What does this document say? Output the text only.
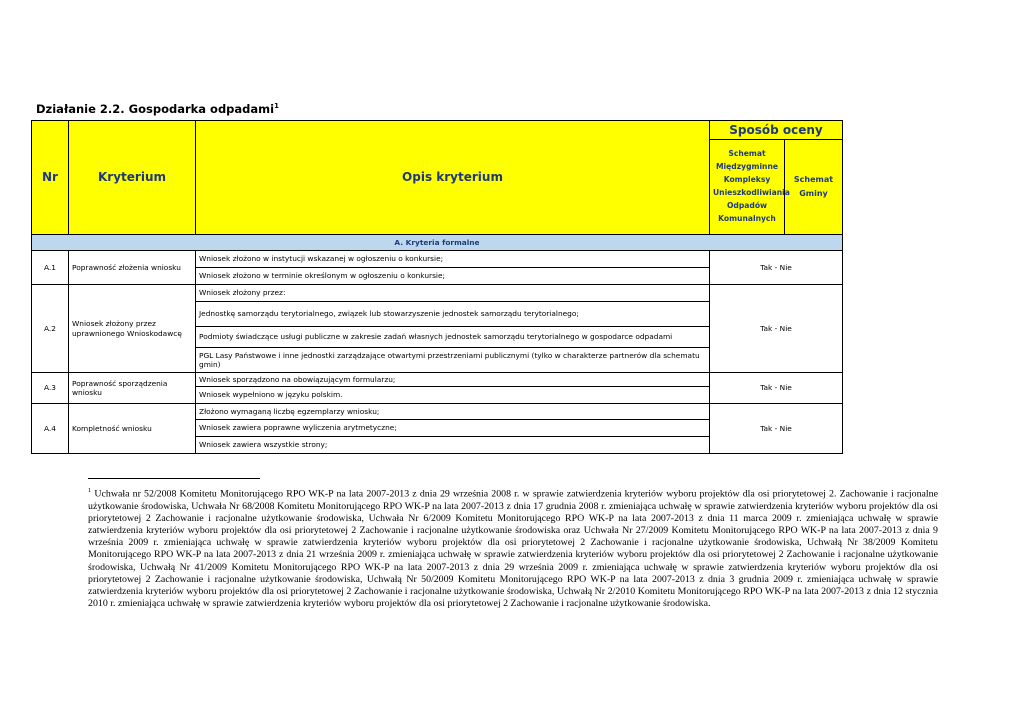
Działanie 2.2. Gospodarka odpadami$^1$
Nr	Kryterium	Opis kryterium	Sposób oceny	
			Schemat Międzygminne Kompleksy Unieszkodliwiania Odpadów Komunalnych	Schemat Gminy
A. Kryteria formalne				
A.1	Poprawność złożenia wniosku	Wniosek złożono w instytucji wskazanej w ogłoszeniu o konkursie;	Tak - Nie	
		Wniosek złożono w terminie określonym w ogłoszeniu o konkursie;		
A.2	Wniosek złożony przez uprawnionego Wnioskodawcę	Wniosek złożony przez:	Tak - Nie	
		Jednostkę samorządu terytorialnego, związek lub stowarzyszenie jednostek samorządu terytorialnego;		
		Podmioty świadczące usługi publiczne w zakresie zadań własnych jednostek samorządu terytorialnego w gospodarce odpadami		
		PGL Lasy Państwowe i inne jednostki zarządzające otwartymi przestrzeniami publicznymi (tylko w charakterze partnerów dla schematu gmin)		
A.3	Poprawność sporządzenia wniosku	Wniosek sporządzono na obowiązującym formularzu;	Tak - Nie	
		Wniosek wypełniono w języku polskim.		
A.4	Kompletność wniosku	Złożono wymaganą liczbę egzemplarzy wniosku;	Tak - Nie	
		Wniosek zawiera poprawne wyliczenia arytmetyczne;		
		Wniosek zawiera wszystkie strony;		
$^1$ Uchwała nr 52/2008 Komitetu Monitorującego RPO WK-P na lata 2007-2013 z dnia 29 września 2008 r. w sprawie zatwierdzenia kryteriów wyboru projektów dla osi priorytetowej 2. Zachowanie i racjonalne użytkowanie środowiska, Uchwała Nr 68/2008 Komitetu Monitorującego RPO WK-P na lata 2007-2013 z dnia 17 grudnia 2008 r. zmieniająca uchwałę w sprawie zatwierdzenia kryteriów wyboru projektów dla osi priorytetowej 2 Zachowanie i racjonalne użytkowanie środowiska, Uchwała Nr 6/2009 Komitetu Monitorującego RPO WK-P na lata 2007-2013 z dnia 11 marca 2009 r. zmieniająca uchwałę w sprawie zatwierdzenia kryteriów wyboru projektów dla osi priorytetowej 2 Zachowanie i racjonalne użytkowanie środowiska oraz Uchwała Nr 27/2009 Komitetu Monitorującego RPO WK-P na lata 2007-2013 z dnia 9 września 2009 r. zmieniająca uchwałę w sprawie zatwierdzenia kryteriów wyboru projektów dla osi priorytetowej 2 Zachowanie i racjonalne użytkowanie środowiska, Uchwałą Nr 38/2009 Komitetu Monitorującego RPO WK-P na lata 2007-2013 z dnia 21 września 2009 r. zmieniająca uchwałę w sprawie zatwierdzenia kryteriów wyboru projektów dla osi priorytetowej 2 Zachowanie i racjonalne użytkowanie środowiska, Uchwałą Nr 41/2009 Komitetu Monitorującego RPO WK-P na lata 2007-2013 z dnia 29 września 2009 r. zmieniająca uchwałę w sprawie zatwierdzenia kryteriów wyboru projektów dla osi priorytetowej 2 Zachowanie i racjonalne użytkowanie środowiska, Uchwałą Nr 50/2009 Komitetu Monitorującego RPO WK-P na lata 2007-2013 z dnia 3 grudnia 2009 r. zmieniająca uchwałę w sprawie zatwierdzenia kryteriów wyboru projektów dla osi priorytetowej 2 Zachowanie i racjonalne użytkowanie środowiska, Uchwałą Nr 2/2010 Komitetu Monitorującego RPO WK-P na lata 2007-2013 z dnia 12 stycznia 2010 r. zmieniająca uchwałę w sprawie zatwierdzenia kryteriów wyboru projektów dla osi priorytetowej 2 Zachowanie i racjonalne użytkowanie środowiska.
